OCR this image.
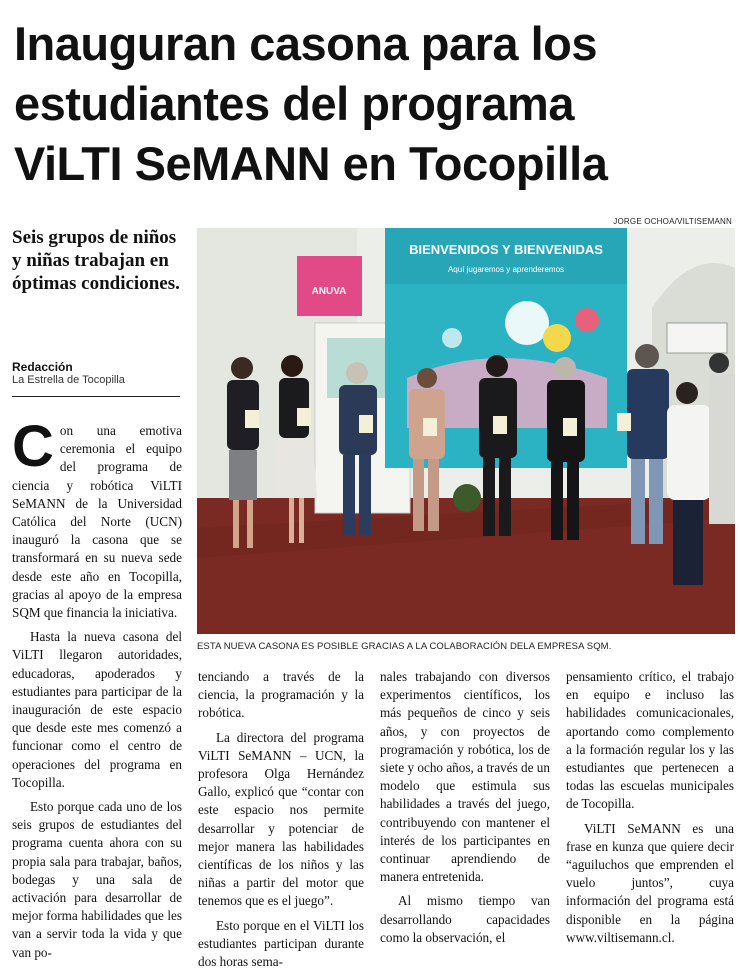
Inauguran casona para los
estudiantes del programa
ViLTI SeMANN en Tocopilla
JORGE OCHOA/VILTISEMANN
Seis grupos de niños y niñas trabajan en óptimas condiciones.
Redacción
La Estrella de Tocopilla
ANUVA
BIENVENIDOS Y BIENVENIDAS
Aquí jugaremos y aprenderemos
ESTA NUEVA CASONA ES POSIBLE GRACIAS A LA COLABORACIÓN DELA EMPRESA SQM.
C on una emotiva ceremonia el equipo del programa de ciencia y robótica ViLTI SeMANN de la Universidad Católica del Norte (UCN) inauguró la casona que se transformará en su nueva sede desde este año en Tocopilla, gracias al apoyo de la empresa SQM que financia la iniciativa.

Hasta la nueva casona del ViLTI llegaron autoridades, educadoras, apoderados y estudiantes para participar de la inauguración de este espacio que desde este mes comenzó a funcionar como el centro de operaciones del programa en Tocopilla.

Esto porque cada uno de los seis grupos de estudiantes del programa cuenta ahora con su propia sala para trabajar, baños, bodegas y una sala de activación para desarrollar de mejor forma habilidades que les van a servir toda la vida y que van po-

tenciando a través de la ciencia, la programación y la robótica.

La directora del programa ViLTI SeMANN – UCN, la profesora Olga Hernández Gallo, explicó que “contar con este espacio nos permite desarrollar y potenciar de mejor manera las habilidades científicas de los niños y las niñas a partir del motor que tenemos que es el juego”.

Esto porque en el ViLTI los estudiantes participan durante dos horas sema-

nales trabajando con diversos experimentos científicos, los más pequeños de cinco y seis años, y con proyectos de programación y robótica, los de siete y ocho años, a través de un modelo que estimula sus habilidades a través del juego, contribuyendo con mantener el interés de los participantes en continuar aprendiendo de manera entretenida.

Al mismo tiempo van desarrollando capacidades como la observación, el

pensamiento crítico, el trabajo en equipo e incluso las habilidades comunicacionales, aportando como complemento a la formación regular los y las estudiantes que pertenecen a todas las escuelas municipales de Tocopilla.

ViLTI SeMANN es una frase en kunza que quiere decir “aguiluchos que emprenden el vuelo juntos”, cuya información del programa está disponible en la página www.viltisemann.cl.
